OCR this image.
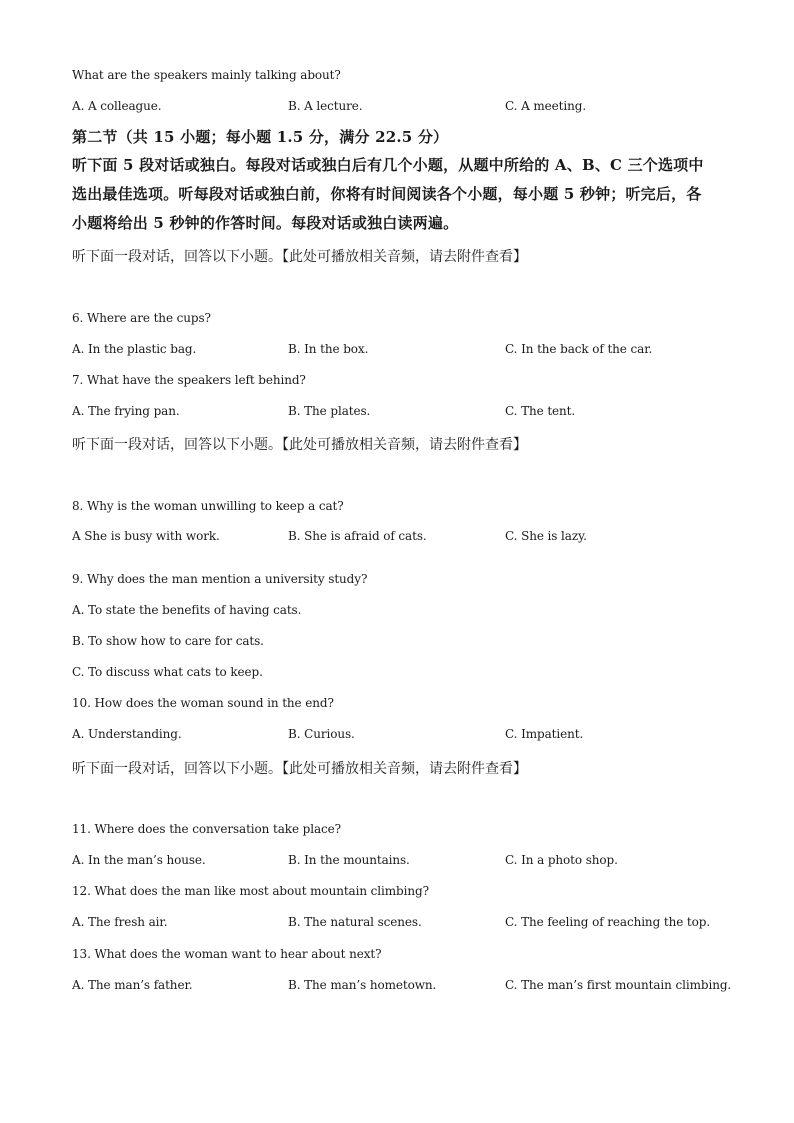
What are the speakers mainly talking about?
A. A colleague.	B. A lecture.	C. A meeting.
第二节（共 15 小题；每小题 1.5 分，满分 22.5 分）
听下面 5 段对话或独白。每段对话或独白后有几个小题，从题中所给的 A、B、C 三个选项中
选出最佳选项。听每段对话或独白前，你将有时间阅读各个小题，每小题 5 秒钟；听完后，各
小题将给出 5 秒钟的作答时间。每段对话或独白读两遍。
听下面一段对话，回答以下小题。【此处可播放相关音频，请去附件查看】
6. Where are the cups?
A. In the plastic bag.	B. In the box.	C. In the back of the car.
7. What have the speakers left behind?
A. The frying pan.	B. The plates.	C. The tent.
听下面一段对话，回答以下小题。【此处可播放相关音频，请去附件查看】
8. Why is the woman unwilling to keep a cat?
A She is busy with work.	B. She is afraid of cats.	C. She is lazy.
9. Why does the man mention a university study?
A. To state the benefits of having cats.
B. To show how to care for cats.
C. To discuss what cats to keep.
10. How does the woman sound in the end?
A. Understanding.	B. Curious.	C. Impatient.
听下面一段对话，回答以下小题。【此处可播放相关音频，请去附件查看】
11. Where does the conversation take place?
A. In the man’s house.	B. In the mountains.	C. In a photo shop.
12. What does the man like most about mountain climbing?
A. The fresh air.	B. The natural scenes.	C. The feeling of reaching the top.
13. What does the woman want to hear about next?
A. The man’s father.	B. The man’s hometown.	C. The man’s first mountain climbing.
